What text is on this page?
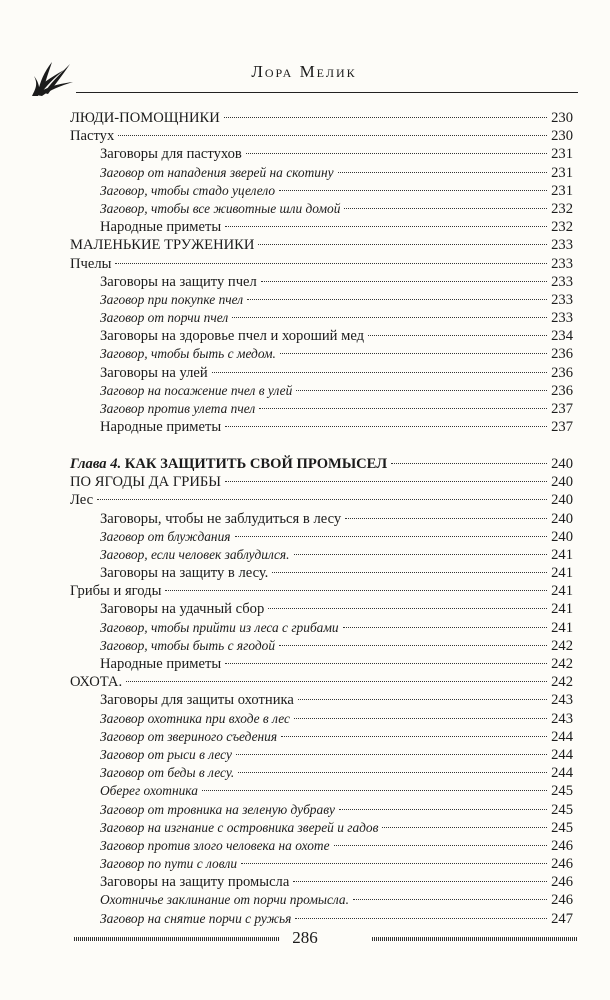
Лора Мелик
ЛЮДИ-ПОМОЩНИКИ	230
Пастух	230
Заговоры для пастухов	231
Заговор от нападения зверей на скотину	231
Заговор, чтобы стадо уцелело	231
Заговор, чтобы все животные шли домой	232
Народные приметы	232
МАЛЕНЬКИЕ ТРУЖЕНИКИ	233
Пчелы	233
Заговоры на защиту пчел	233
Заговор при покупке пчел	233
Заговор от порчи пчел	233
Заговоры на здоровье пчел и хороший мед	234
Заговор, чтобы быть с медом.	236
Заговоры на улей	236
Заговор на посажение пчел в улей	236
Заговор против улета пчел	237
Народные приметы	237
Глава 4. КАК ЗАЩИТИТЬ СВОЙ ПРОМЫСЕЛ	240
ПО ЯГОДЫ ДА ГРИБЫ	240
Лес	240
Заговоры, чтобы не заблудиться в лесу	240
Заговор от блуждания	240
Заговор, если человек заблудился.	241
Заговоры на защиту в лесу.	241
Грибы и ягоды	241
Заговоры на удачный сбор	241
Заговор, чтобы прийти из леса с грибами	241
Заговор, чтобы быть с ягодой	242
Народные приметы	242
ОХОТА.	242
Заговоры для защиты охотника	243
Заговор охотника при входе в лес	243
Заговор от звериного съедения	244
Заговор от рыси в лесу	244
Заговор от беды в лесу.	244
Оберег охотника	245
Заговор от тровника на зеленую дубраву	245
Заговор на изгнание с островника зверей и гадов	245
Заговор против злого человека на охоте	246
Заговор по пути с ловли	246
Заговоры на защиту промысла	246
Охотничье заклинание от порчи промысла.	246
Заговор на снятие порчи с ружья	247
286
